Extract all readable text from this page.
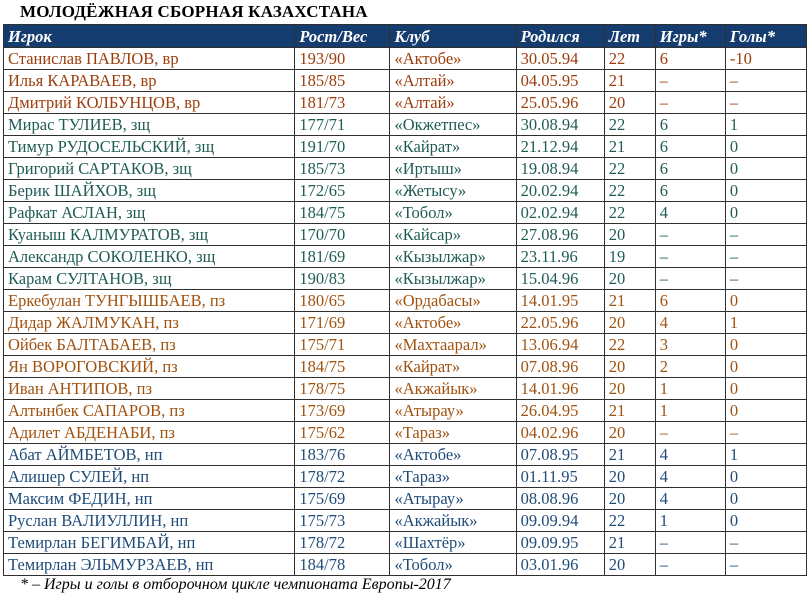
МОЛОДЁЖНАЯ СБОРНАЯ КАЗАХСТАНА
Игрок	Рост/Вес	Клуб	Родился	Лет	Игры*	Голы*
Станислав ПАВЛОВ, вр	193/90	«Актобе»	30.05.94	22	6	-10
Илья КАРАВАЕВ, вр	185/85	«Алтай»	04.05.95	21	–	–
Дмитрий КОЛБУНЦОВ, вр	181/73	«Алтай»	25.05.96	20	–	–
Мирас ТУЛИЕВ, зщ	177/71	«Окжетпес»	30.08.94	22	6	1
Тимур РУДОСЕЛЬСКИЙ, зщ	191/70	«Кайрат»	21.12.94	21	6	0
Григорий САРТАКОВ, зщ	185/73	«Иртыш»	19.08.94	22	6	0
Берик ШАЙХОВ, зщ	172/65	«Жетысу»	20.02.94	22	6	0
Рафкат АСЛАН, зщ	184/75	«Тобол»	02.02.94	22	4	0
Куаныш КАЛМУРАТОВ, зщ	170/70	«Кайсар»	27.08.96	20	–	–
Александр СОКОЛЕНКО, зщ	181/69	«Кызылжар»	23.11.96	19	–	–
Карам СУЛТАНОВ, зщ	190/83	«Кызылжар»	15.04.96	20	–	–
Еркебулан ТУНГЫШБАЕВ, пз	180/65	«Ордабасы»	14.01.95	21	6	0
Дидар ЖАЛМУКАН, пз	171/69	«Актобе»	22.05.96	20	4	1
Ойбек БАЛТАБАЕВ, пз	175/71	«Махтаарал»	13.06.94	22	3	0
Ян ВОРОГОВСКИЙ, пз	184/75	«Кайрат»	07.08.96	20	2	0
Иван АНТИПОВ, пз	178/75	«Акжайык»	14.01.96	20	1	0
Алтынбек САПАРОВ, пз	173/69	«Атырау»	26.04.95	21	1	0
Адилет АБДЕНАБИ, пз	175/62	«Тараз»	04.02.96	20	–	–
Абат АЙМБЕТОВ, нп	183/76	«Актобе»	07.08.95	21	4	1
Алишер СУЛЕЙ, нп	178/72	«Тараз»	01.11.95	20	4	0
Максим ФЕДИН, нп	175/69	«Атырау»	08.08.96	20	4	0
Руслан ВАЛИУЛЛИН, нп	175/73	«Акжайык»	09.09.94	22	1	0
Темирлан БЕГИМБАЙ, нп	178/72	«Шахтёр»	09.09.95	21	–	–
Темирлан ЭЛЬМУРЗАЕВ, нп	184/78	«Тобол»	03.01.96	20	–	–
* – Игры и голы в отборочном цикле чемпионата Европы-2017
